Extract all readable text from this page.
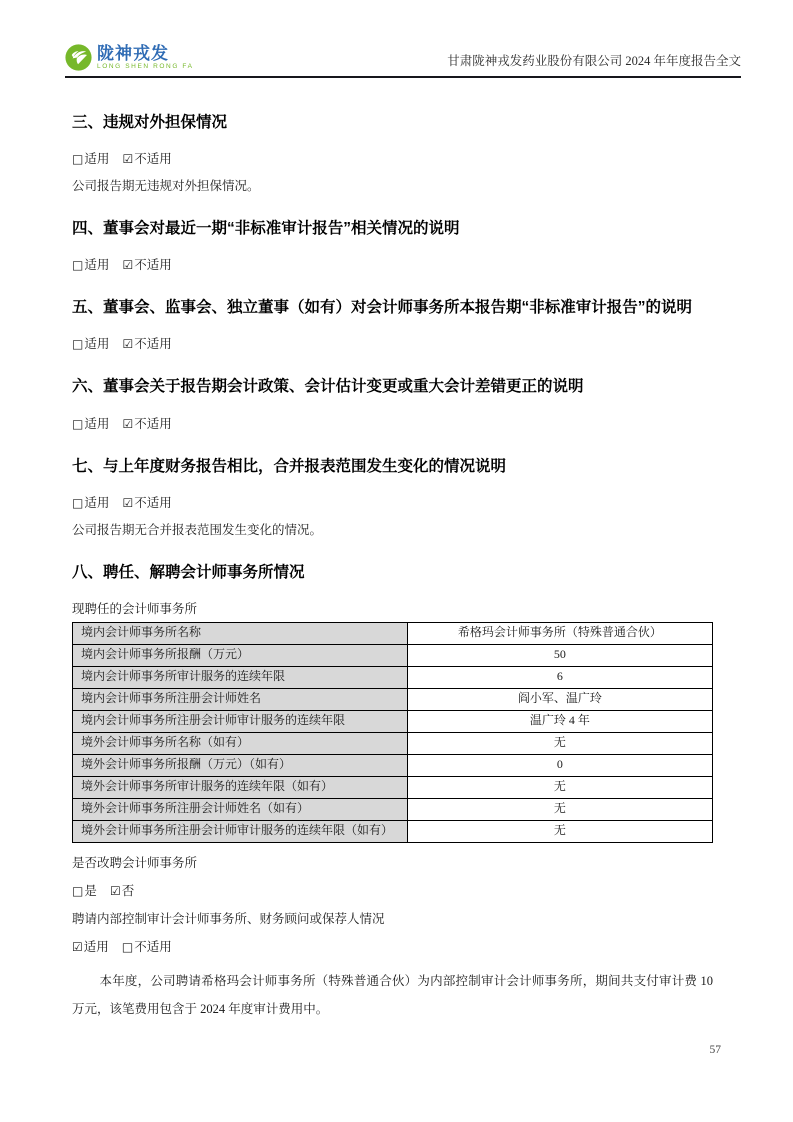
陇神戎发
LONG SHEN RONG FA	甘肃陇神戎发药业股份有限公司 2024 年年度报告全文
三、违规对外担保情况
□适用 ☑不适用
公司报告期无违规对外担保情况。
四、董事会对最近一期“非标准审计报告”相关情况的说明
□适用 ☑不适用
五、董事会、监事会、独立董事（如有）对会计师事务所本报告期“非标准审计报告”的说明
□适用 ☑不适用
六、董事会关于报告期会计政策、会计估计变更或重大会计差错更正的说明
□适用 ☑不适用
七、与上年度财务报告相比，合并报表范围发生变化的情况说明
□适用 ☑不适用
公司报告期无合并报表范围发生变化的情况。
八、聘任、解聘会计师事务所情况
现聘任的会计师事务所
境内会计师事务所名称	希格玛会计师事务所（特殊普通合伙）
境内会计师事务所报酬（万元）	50
境内会计师事务所审计服务的连续年限	6
境内会计师事务所注册会计师姓名	阎小军、温广玲
境内会计师事务所注册会计师审计服务的连续年限	温广玲 4 年
境外会计师事务所名称（如有）	无
境外会计师事务所报酬（万元）（如有）	0
境外会计师事务所审计服务的连续年限（如有）	无
境外会计师事务所注册会计师姓名（如有）	无
境外会计师事务所注册会计师审计服务的连续年限（如有）	无
是否改聘会计师事务所
□是 ☑否
聘请内部控制审计会计师事务所、财务顾问或保荐人情况
☑适用 □不适用
本年度，公司聘请希格玛会计师事务所（特殊普通合伙）为内部控制审计会计师事务所，期间共支付审计费 10 万元，该笔费用包含于 2024 年度审计费用中。
57
